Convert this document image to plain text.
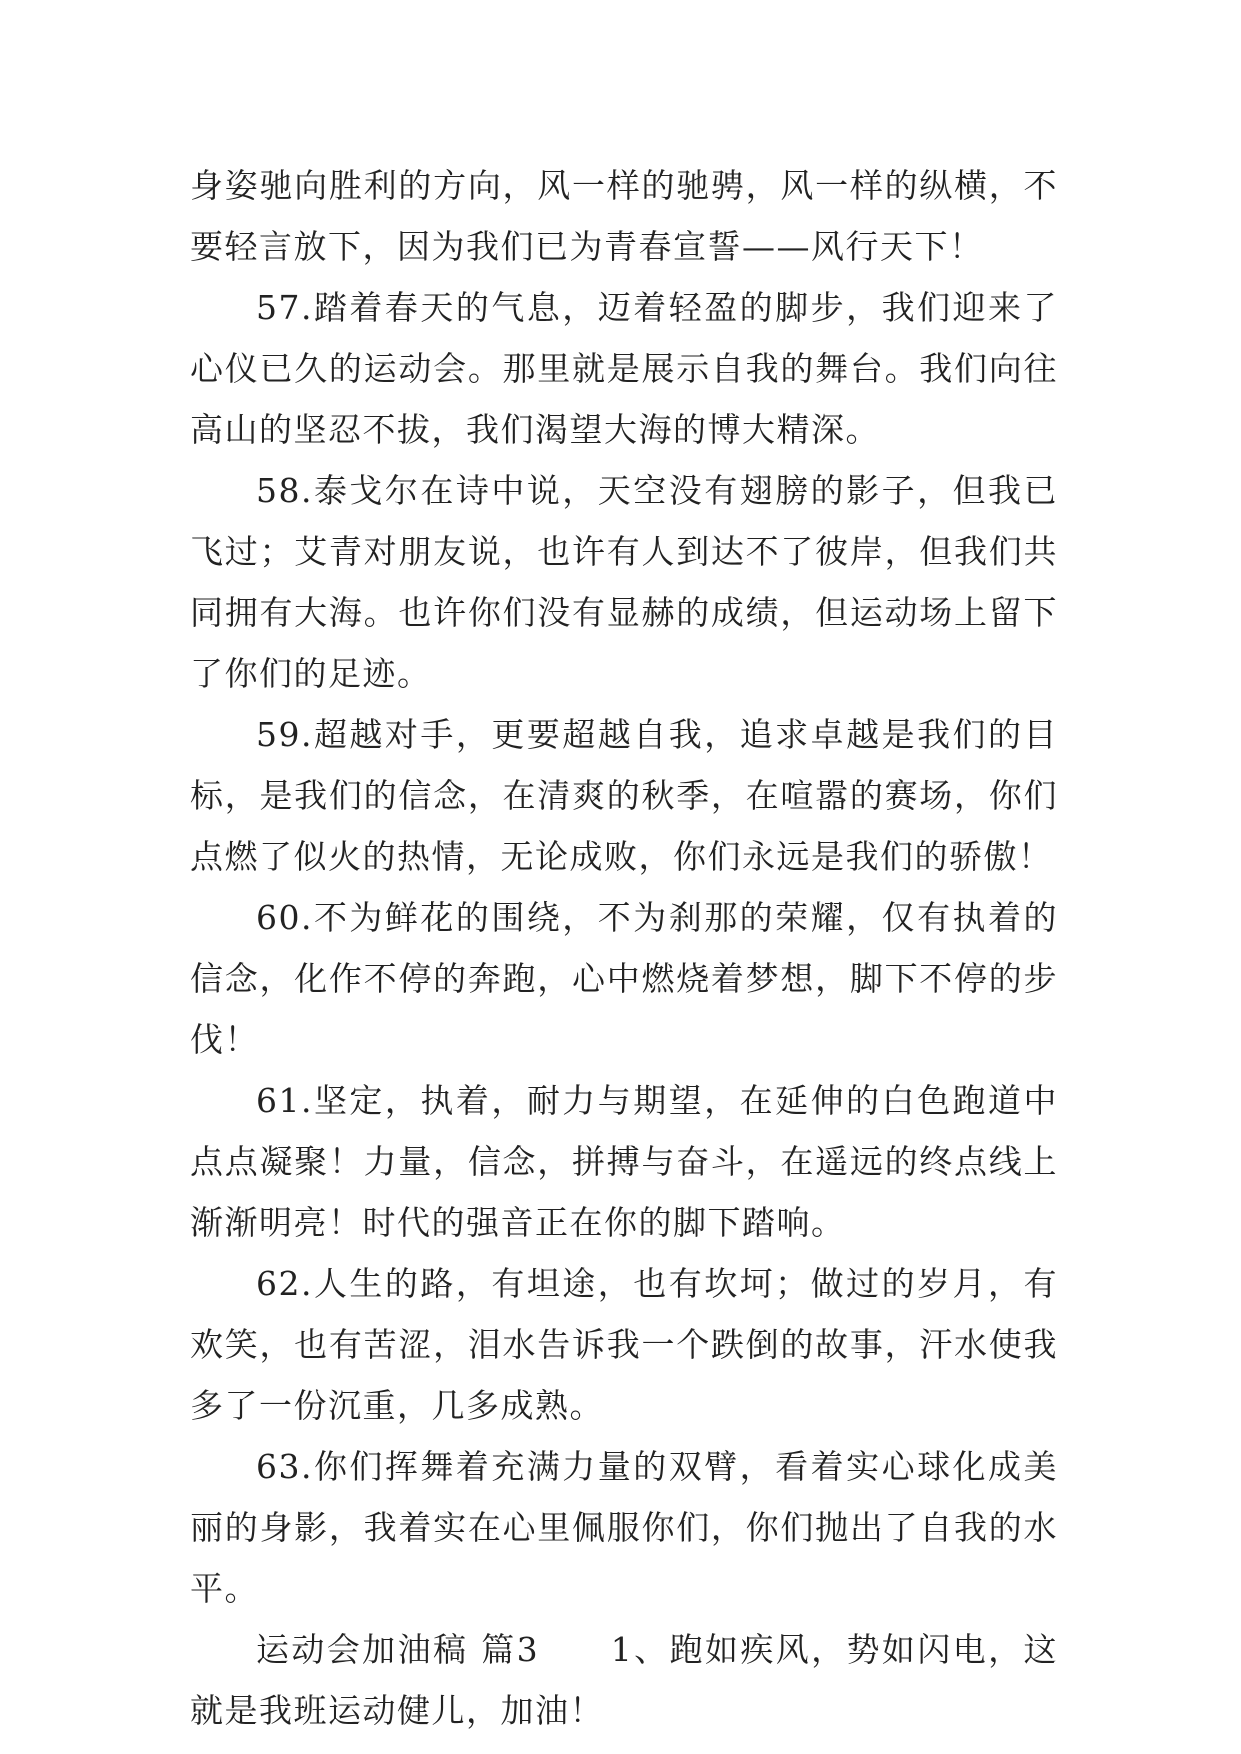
身姿驰向胜利的方向，风一样的驰骋，风一样的纵横，不要轻言放下，因为我们已为青春宣誓——风行天下！

57.踏着春天的气息，迈着轻盈的脚步，我们迎来了心仪已久的运动会。那里就是展示自我的舞台。我们向往高山的坚忍不拔，我们渴望大海的博大精深。

58.泰戈尔在诗中说，天空没有翅膀的影子，但我已飞过；艾青对朋友说，也许有人到达不了彼岸，但我们共同拥有大海。也许你们没有显赫的成绩，但运动场上留下了你们的足迹。

59.超越对手，更要超越自我，追求卓越是我们的目标，是我们的信念，在清爽的秋季，在喧嚣的赛场，你们点燃了似火的热情，无论成败，你们永远是我们的骄傲！

60.不为鲜花的围绕，不为刹那的荣耀，仅有执着的信念，化作不停的奔跑，心中燃烧着梦想，脚下不停的步伐！

61.坚定，执着，耐力与期望，在延伸的白色跑道中点点凝聚！力量，信念，拼搏与奋斗，在遥远的终点线上渐渐明亮！时代的强音正在你的脚下踏响。

62.人生的路，有坦途，也有坎坷；做过的岁月，有欢笑，也有苦涩，泪水告诉我一个跌倒的故事，汗水使我多了一份沉重，几多成熟。

63.你们挥舞着充满力量的双臂，看着实心球化成美丽的身影，我着实在心里佩服你们，你们抛出了自我的水平。

运动会加油稿 篇3　　1、跑如疾风，势如闪电，这就是我班运动健儿，加油！
